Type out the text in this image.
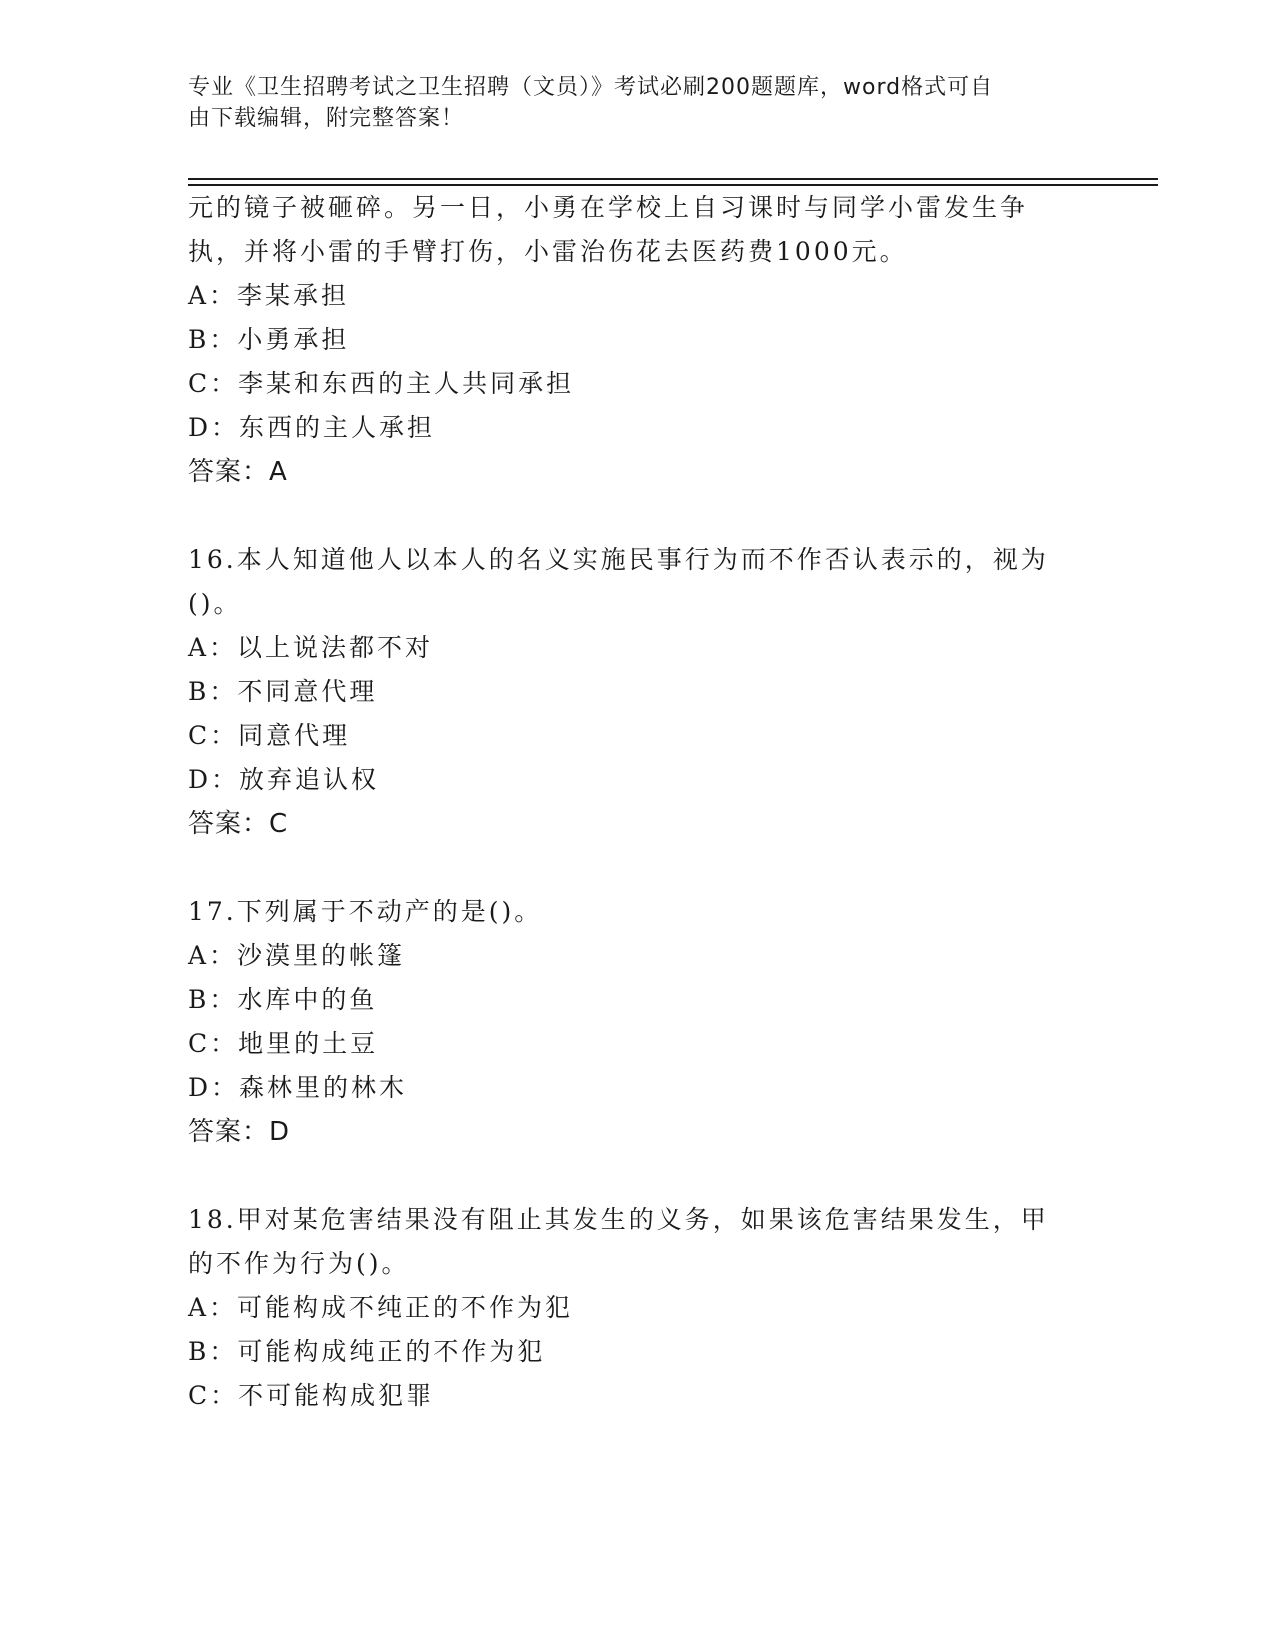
专业《卫生招聘考试之卫生招聘（文员）》考试必刷200题题库，word格式可自
由下载编辑，附完整答案！
元的镜子被砸碎。另一日，小勇在学校上自习课时与同学小雷发生争
执，并将小雷的手臂打伤，小雷治伤花去医药费1000元。
A：李某承担
B：小勇承担
C：李某和东西的主人共同承担
D：东西的主人承担
答案：A
16.本人知道他人以本人的名义实施民事行为而不作否认表示的，视为
()。
A：以上说法都不对
B：不同意代理
C：同意代理
D：放弃追认权
答案：C
17.下列属于不动产的是()。
A：沙漠里的帐篷
B：水库中的鱼
C：地里的土豆
D：森林里的林木
答案：D
18.甲对某危害结果没有阻止其发生的义务，如果该危害结果发生，甲
的不作为行为()。
A：可能构成不纯正的不作为犯
B：可能构成纯正的不作为犯
C：不可能构成犯罪
